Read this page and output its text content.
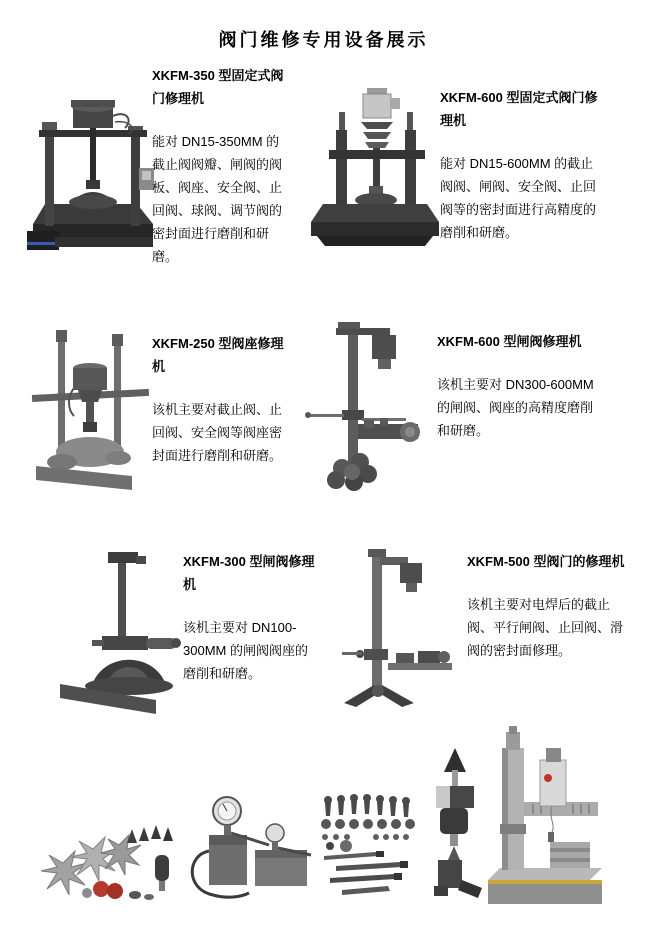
阀门维修专用设备展示
XKFM-350 型固定式阀门修理机
能对 DN15-350MM 的截止阀阀瓣、闸阀的阀板、阀座、安全阀、止回阀、球阀、调节阀的密封面进行磨削和研磨。
XKFM-600 型固定式阀门修理机
能对 DN15-600MM 的截止阀阀、闸阀、安全阀、止回阀等的密封面进行高精度的磨削和研磨。
XKFM-250 型阀座修理机
该机主要对截止阀、止回阀、安全阀等阀座密封面进行磨削和研磨。
XKFM-600 型闸阀修理机
该机主要对 DN300-600MM 的闸阀、阀座的高精度磨削和研磨。
XKFM-300 型闸阀修理机
该机主要对 DN100-300MM 的闸阀阀座的磨削和研磨。
XKFM-500 型阀门的修理机
该机主要对电焊后的截止阀、平行闸阀、止回阀、滑阀的密封面修理。
